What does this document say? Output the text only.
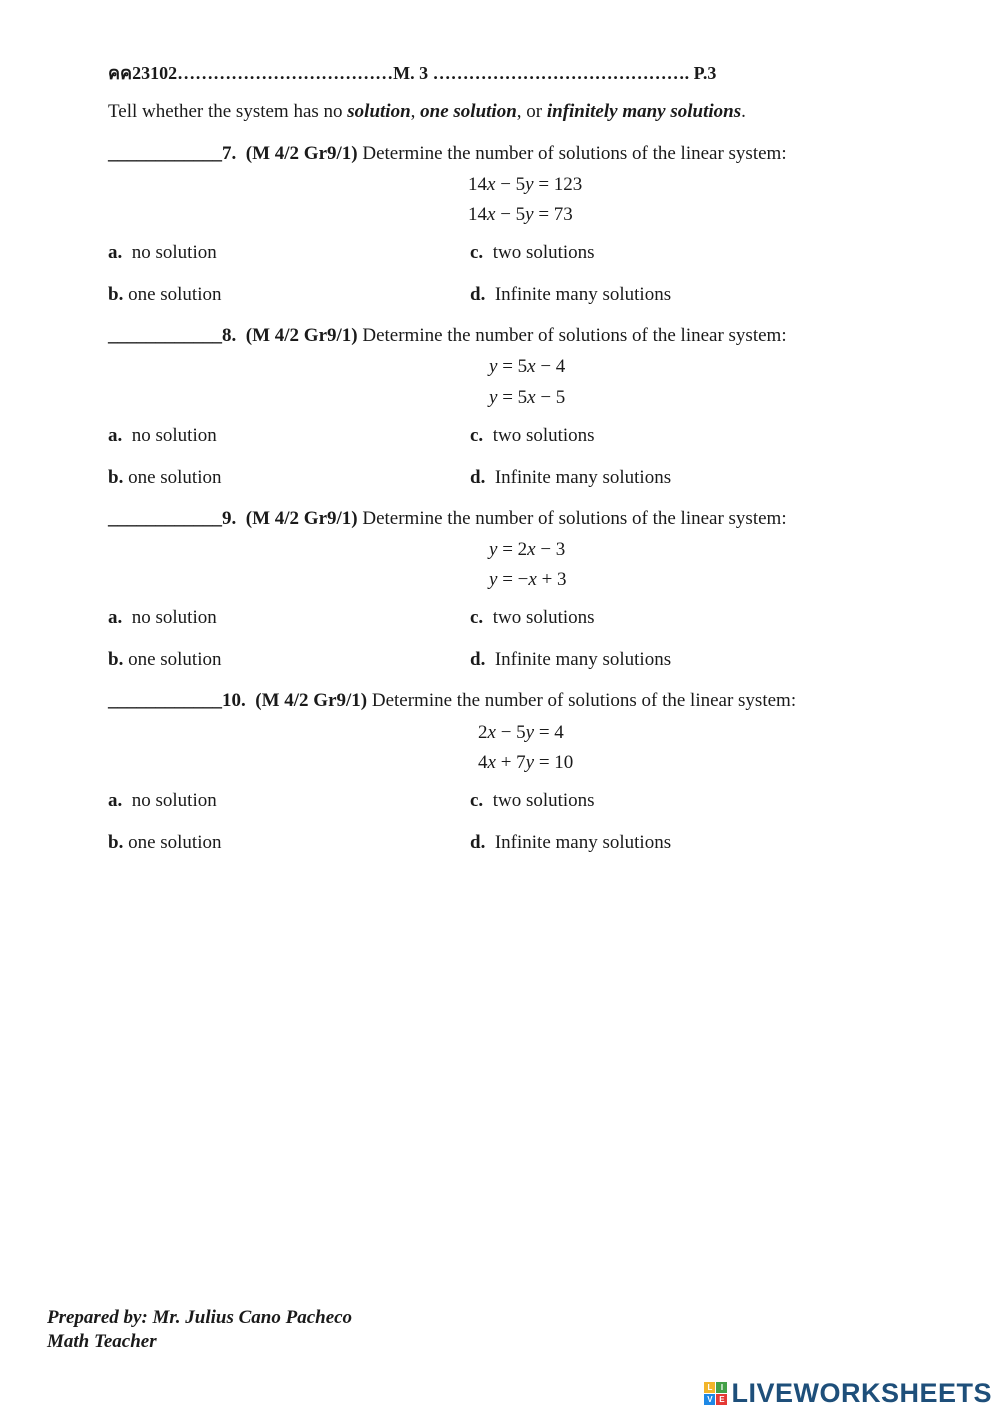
คค23102………………………………M. 3 ……………………………………. P.3
Tell whether the system has no solution, one solution, or infinitely many solutions.
____________7. (M 4/2 Gr9/1) Determine the number of solutions of the linear system:
14x − 5y = 123
14x − 5y = 73
a. no solution	c. two solutions
b. one solution	d. Infinite many solutions
____________8. (M 4/2 Gr9/1) Determine the number of solutions of the linear system:
y = 5x − 4
y = 5x − 5
a. no solution	c. two solutions
b. one solution	d. Infinite many solutions
____________9. (M 4/2 Gr9/1) Determine the number of solutions of the linear system:
y = 2x − 3
y = −x + 3
a. no solution	c. two solutions
b. one solution	d. Infinite many solutions
____________10. (M 4/2 Gr9/1) Determine the number of solutions of the linear system:
2x − 5y = 4
4x + 7y = 10
a. no solution	c. two solutions
b. one solution	d. Infinite many solutions
Prepared by: Mr. Julius Cano Pacheco
Math Teacher
L	I
V E LIVEWORKSHEETS
